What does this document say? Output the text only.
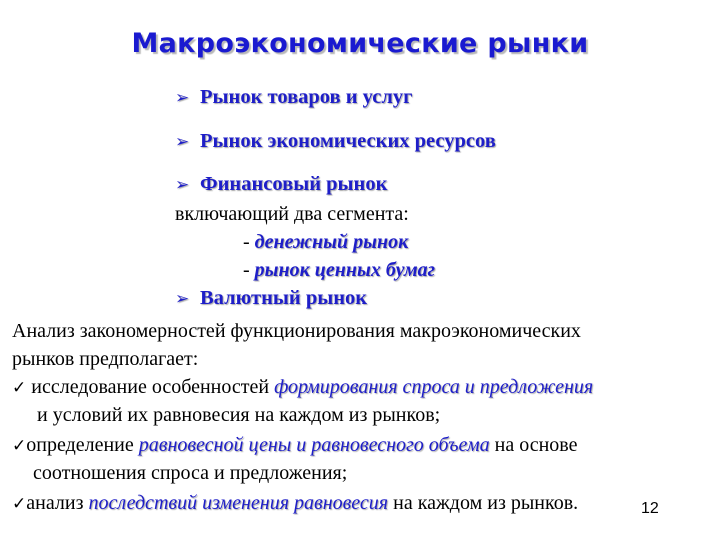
Макроэкономические рынки
➢ Рынок товаров и услуг
➢ Рынок экономических ресурсов
➢ Финансовый рынок
включающий два сегмента:
- денежный рынок
- рынок ценных бумаг
➢ Валютный рынок
Анализ закономерностей функционирования макроэкономических
рынков предполагает:
✓ исследование особенностей формирования спроса и предложения
и условий их равновесия на каждом из рынков;
✓определение равновесной цены и равновесного объема на основе
соотношения спроса и предложения;
✓анализ последствий изменения равновесия на каждом из рынков.	12
